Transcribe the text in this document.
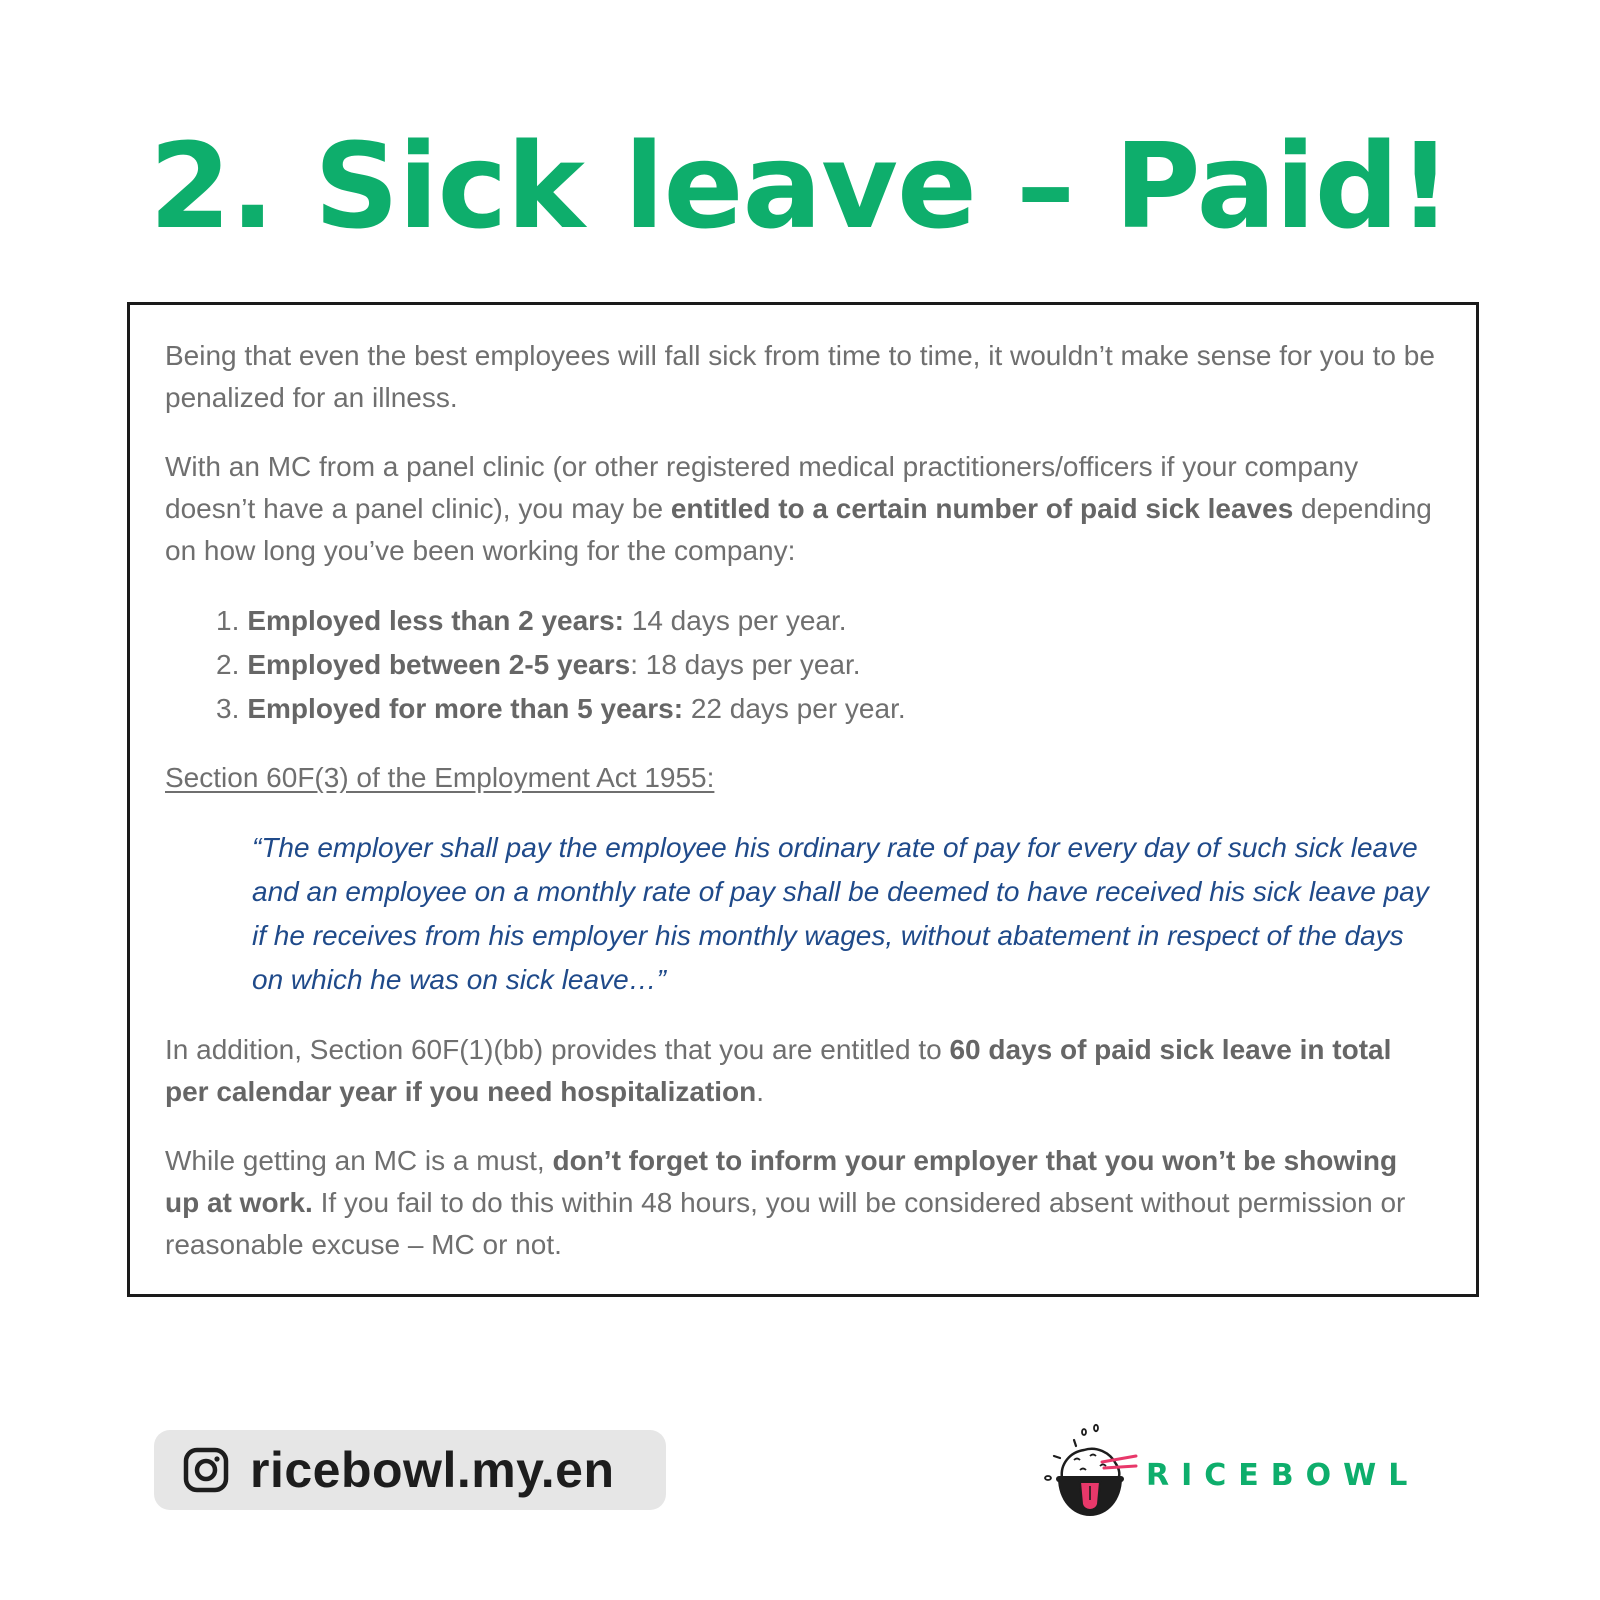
2. Sick leave – Paid!

Being that even the best employees will fall sick from time to time, it wouldn’t make sense for you to be penalized for an illness.

With an MC from a panel clinic (or other registered medical practitioners/officers if your company doesn’t have a panel clinic), you may be entitled to a certain number of paid sick leaves depending on how long you’ve been working for the company:

1. Employed less than 2 years: 14 days per year.
2. Employed between 2-5 years: 18 days per year.
3. Employed for more than 5 years: 22 days per year.

Section 60F(3) of the Employment Act 1955:

“The employer shall pay the employee his ordinary rate of pay for every day of such sick leave and an employee on a monthly rate of pay shall be deemed to have received his sick leave pay if he receives from his employer his monthly wages, without abatement in respect of the days on which he was on sick leave…”

In addition, Section 60F(1)(bb) provides that you are entitled to 60 days of paid sick leave in total per calendar year if you need hospitalization.

While getting an MC is a must, don’t forget to inform your employer that you won’t be showing up at work. If you fail to do this within 48 hours, you will be considered absent without permission or reasonable excuse – MC or not.

ricebowl.my.en	RICEBOWL
